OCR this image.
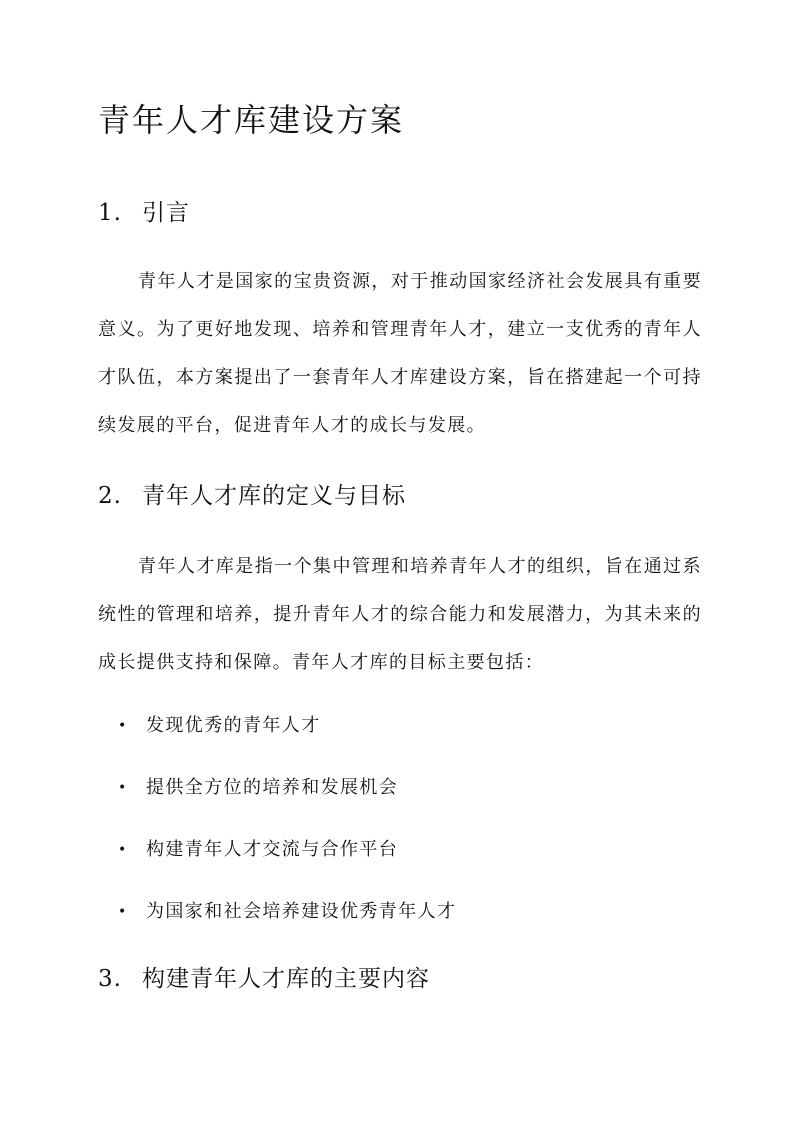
青年人才库建设方案
1. 引言

青年人才是国家的宝贵资源，对于推动国家经济社会发展具有重要意义。为了更好地发现、培养和管理青年人才，建立一支优秀的青年人才队伍，本方案提出了一套青年人才库建设方案，旨在搭建起一个可持续发展的平台，促进青年人才的成长与发展。

2. 青年人才库的定义与目标

青年人才库是指一个集中管理和培养青年人才的组织，旨在通过系统性的管理和培养，提升青年人才的综合能力和发展潜力，为其未来的成长提供支持和保障。青年人才库的目标主要包括：

• 发现优秀的青年人才
• 提供全方位的培养和发展机会
• 构建青年人才交流与合作平台
• 为国家和社会培养建设优秀青年人才
3. 构建青年人才库的主要内容
